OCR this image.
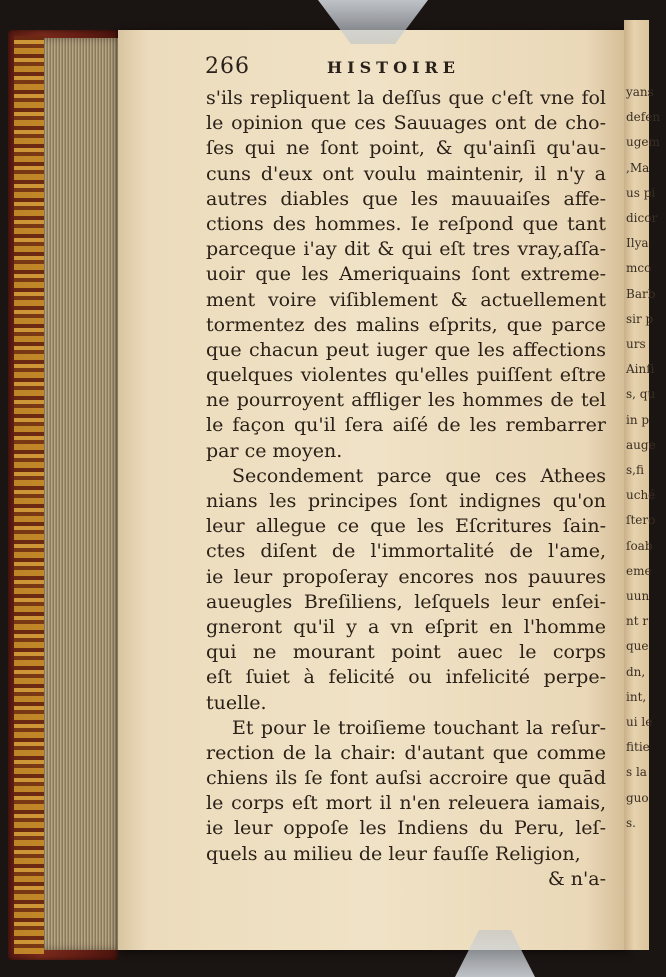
yans
defen
ugem
,Ma
us pi
dicor
Ilya
mco
Barb
sir p
urs
Ainſi
s, qu
in p
auge
s,fi
uché
ſtero
ſoab
eme
uun
nt r
que
dn,
int,
ui le
fitie
s la
guo
s.
266	HISTOIRE
s'ils repliquent la deſſus que c'eſt vne fol
le opinion que ces Sauuages ont de cho-
ſes qui ne ſont point, & qu'ainſi qu'au-
cuns d'eux ont voulu maintenir, il n'y a
autres diables que les mauuaiſes affe-
ctions des hommes. Ie reſpond que tant
parceque i'ay dit & qui eſt tres vray,aſſa-
uoir que les Ameriquains ſont extreme-
ment voire viſiblement & actuellement
tormentez des malins eſprits, que parce
que chacun peut iuger que les affections
quelques violentes qu'elles puiſſent eſtre
ne pourroyent affliger les hommes de tel
le façon qu'il ſera aiſé de les rembarrer
par ce moyen.
Secondement parce que ces Athees
nians les principes ſont indignes qu'on
leur allegue ce que les Eſcritures ſain-
ctes diſent de l'immortalité de l'ame,
ie leur propoſeray encores nos pauures
aueugles Breſiliens, leſquels leur enſei-
gneront qu'il y a vn eſprit en l'homme
qui ne mourant point auec le corps
eſt ſuiet à felicité ou infelicité perpe-
tuelle.
Et pour le troiſieme touchant la reſur-
rection de la chair: d'autant que comme
chiens ils ſe font auſsi accroire que quād
le corps eſt mort il n'en releuera iamais,
ie leur oppoſe les Indiens du Peru, leſ-
quels au milieu de leur fauſſe Religion,
& n'a-
